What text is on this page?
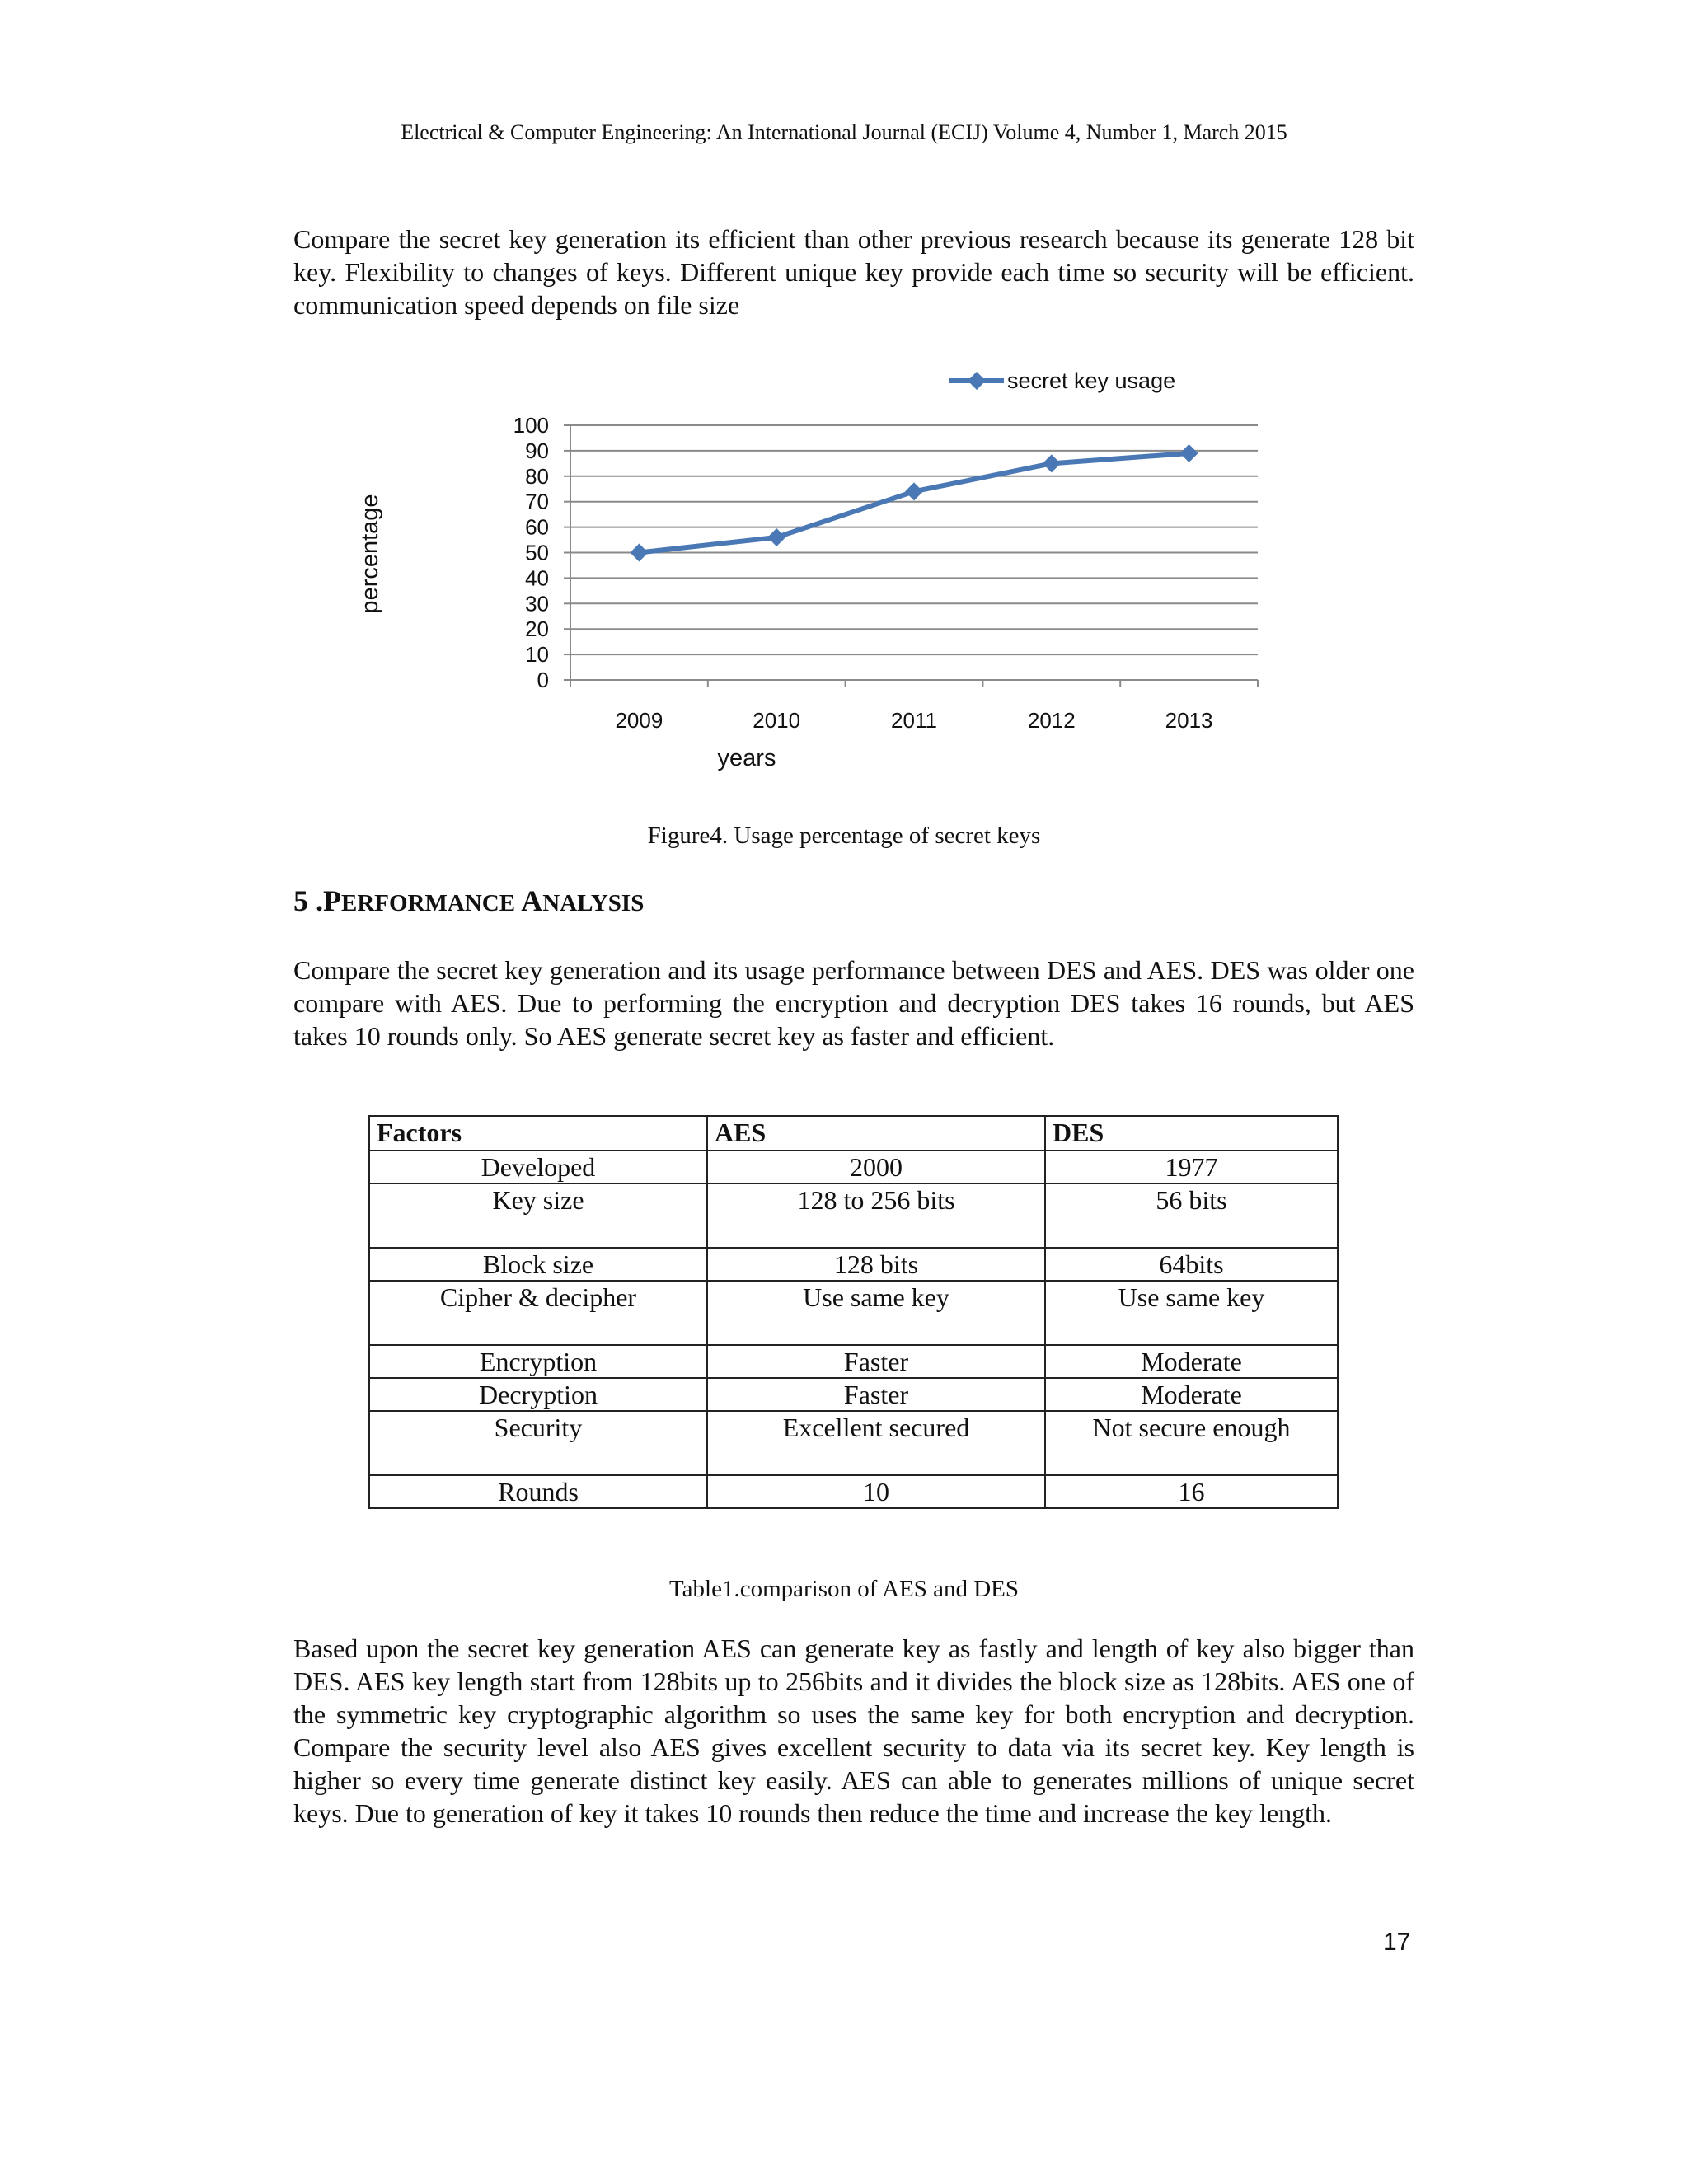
Electrical & Computer Engineering: An International Journal (ECIJ) Volume 4, Number 1, March 2015

Compare the secret key generation its efficient than other previous research because its generate 128 bit key. Flexibility to changes of keys. Different unique key provide each time so security will be efficient. communication speed depends on file size

0
10
20
30
40
50
60
70
80
90
100
2009	2010	2011	2012	2013
secret key usage
years
percentage
Figure4. Usage percentage of secret keys
5 .PERFORMANCE ANALYSIS

Compare the secret key generation and its usage performance between DES and AES. DES was older one compare with AES. Due to performing the encryption and decryption DES takes 16 rounds, but AES takes 10 rounds only. So AES generate secret key as faster and efficient.

Factors	AES	DES
Developed	2000	1977
Key size	128 to 256 bits	56 bits
Block size	128 bits	64bits
Cipher & decipher	Use same key	Use same key
Encryption	Faster	Moderate
Decryption	Faster	Moderate
Security	Excellent secured	Not secure enough
Rounds	10	16
Table1.comparison of AES and DES

Based upon the secret key generation AES can generate key as fastly and length of key also bigger than DES. AES key length start from 128bits up to 256bits and it divides the block size as 128bits. AES one of the symmetric key cryptographic algorithm so uses the same key for both encryption and decryption. Compare the security level also AES gives excellent security to data via its secret key. Key length is higher so every time generate distinct key easily. AES can able to generates millions of unique secret keys. Due to generation of key it takes 10 rounds then reduce the time and increase the key length.

17
